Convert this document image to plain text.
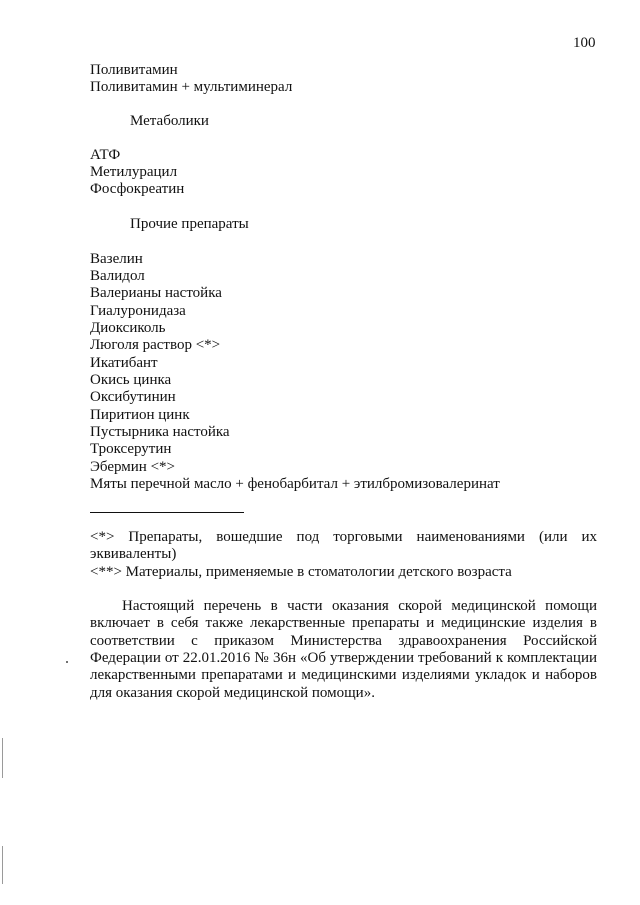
100
Поливитамин
Поливитамин + мультиминерал
Метаболики
АТФ
Метилурацил
Фосфокреатин
Прочие препараты
Вазелин
Валидол
Валерианы настойка
Гиалуронидаза
Диоксиколь
Люголя раствор <*>
Икатибант
Окись цинка
Оксибутинин
Пиритион цинк
Пустырника настойка
Троксерутин
Эбермин <*>
Мяты перечной масло + фенобарбитал + этилбромизовалеринат
<*> Препараты, вошедшие под торговыми наименованиями (или их
эквиваленты)
<**> Материалы, применяемые в стоматологии детского возраста
Настоящий перечень в части оказания скорой медицинской помощи
включает в себя также лекарственные препараты и медицинские изделия в
соответствии с приказом Министерства здравоохранения Российской
Федерации от 22.01.2016 № 36н «Об утверждении требований к комплектации
лекарственными препаратами и медицинскими изделиями укладок и наборов
для оказания скорой медицинской помощи».
